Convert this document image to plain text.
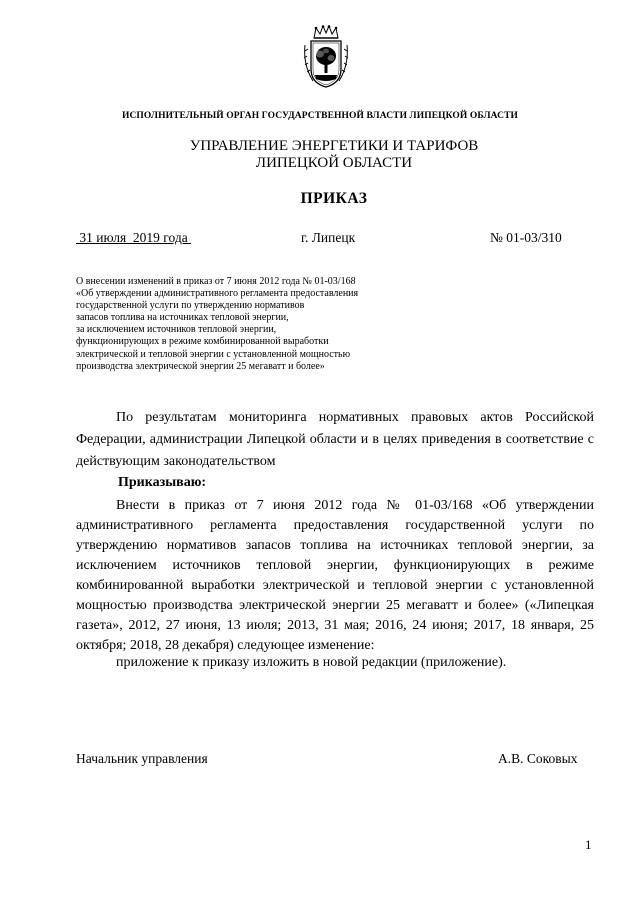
ИСПОЛНИТЕЛЬНЫЙ ОРГАН ГОСУДАРСТВЕННОЙ ВЛАСТИ ЛИПЕЦКОЙ ОБЛАСТИ
УПРАВЛЕНИЕ ЭНЕРГЕТИКИ И ТАРИФОВ
ЛИПЕЦКОЙ ОБЛАСТИ
ПРИКАЗ
31 июля  2019 года	г. Липецк	№ 01-03/310
О внесении изменений в приказ от 7 июня 2012 года № 01-03/168
«Об утверждении административного регламента предоставления
государственной услуги по утверждению нормативов
запасов топлива на источниках тепловой энергии,
за исключением источников тепловой энергии,
функционирующих в режиме комбинированной выработки
электрической и тепловой энергии с установленной мощностью
производства электрической энергии 25 мегаватт и более»
По результатам мониторинга нормативных правовых актов Российской Федерации, администрации Липецкой области и в целях приведения в соответствие с действующим законодательством
Приказываю:
Внести в приказ от 7 июня 2012 года № 01-03/168 «Об утверждении административного регламента предоставления государственной услуги по утверждению нормативов запасов топлива на источниках тепловой энергии, за исключением источников тепловой энергии, функционирующих в режиме комбинированной выработки электрической и тепловой энергии с установленной мощностью производства электрической энергии 25 мегаватт и более» («Липецкая газета», 2012, 27 июня, 13 июля; 2013, 31 мая; 2016, 24 июня; 2017, 18 января, 25 октября; 2018, 28 декабря) следующее изменение:
приложение к приказу изложить в новой редакции (приложение).
Начальник управления	А.В. Соковых
1
